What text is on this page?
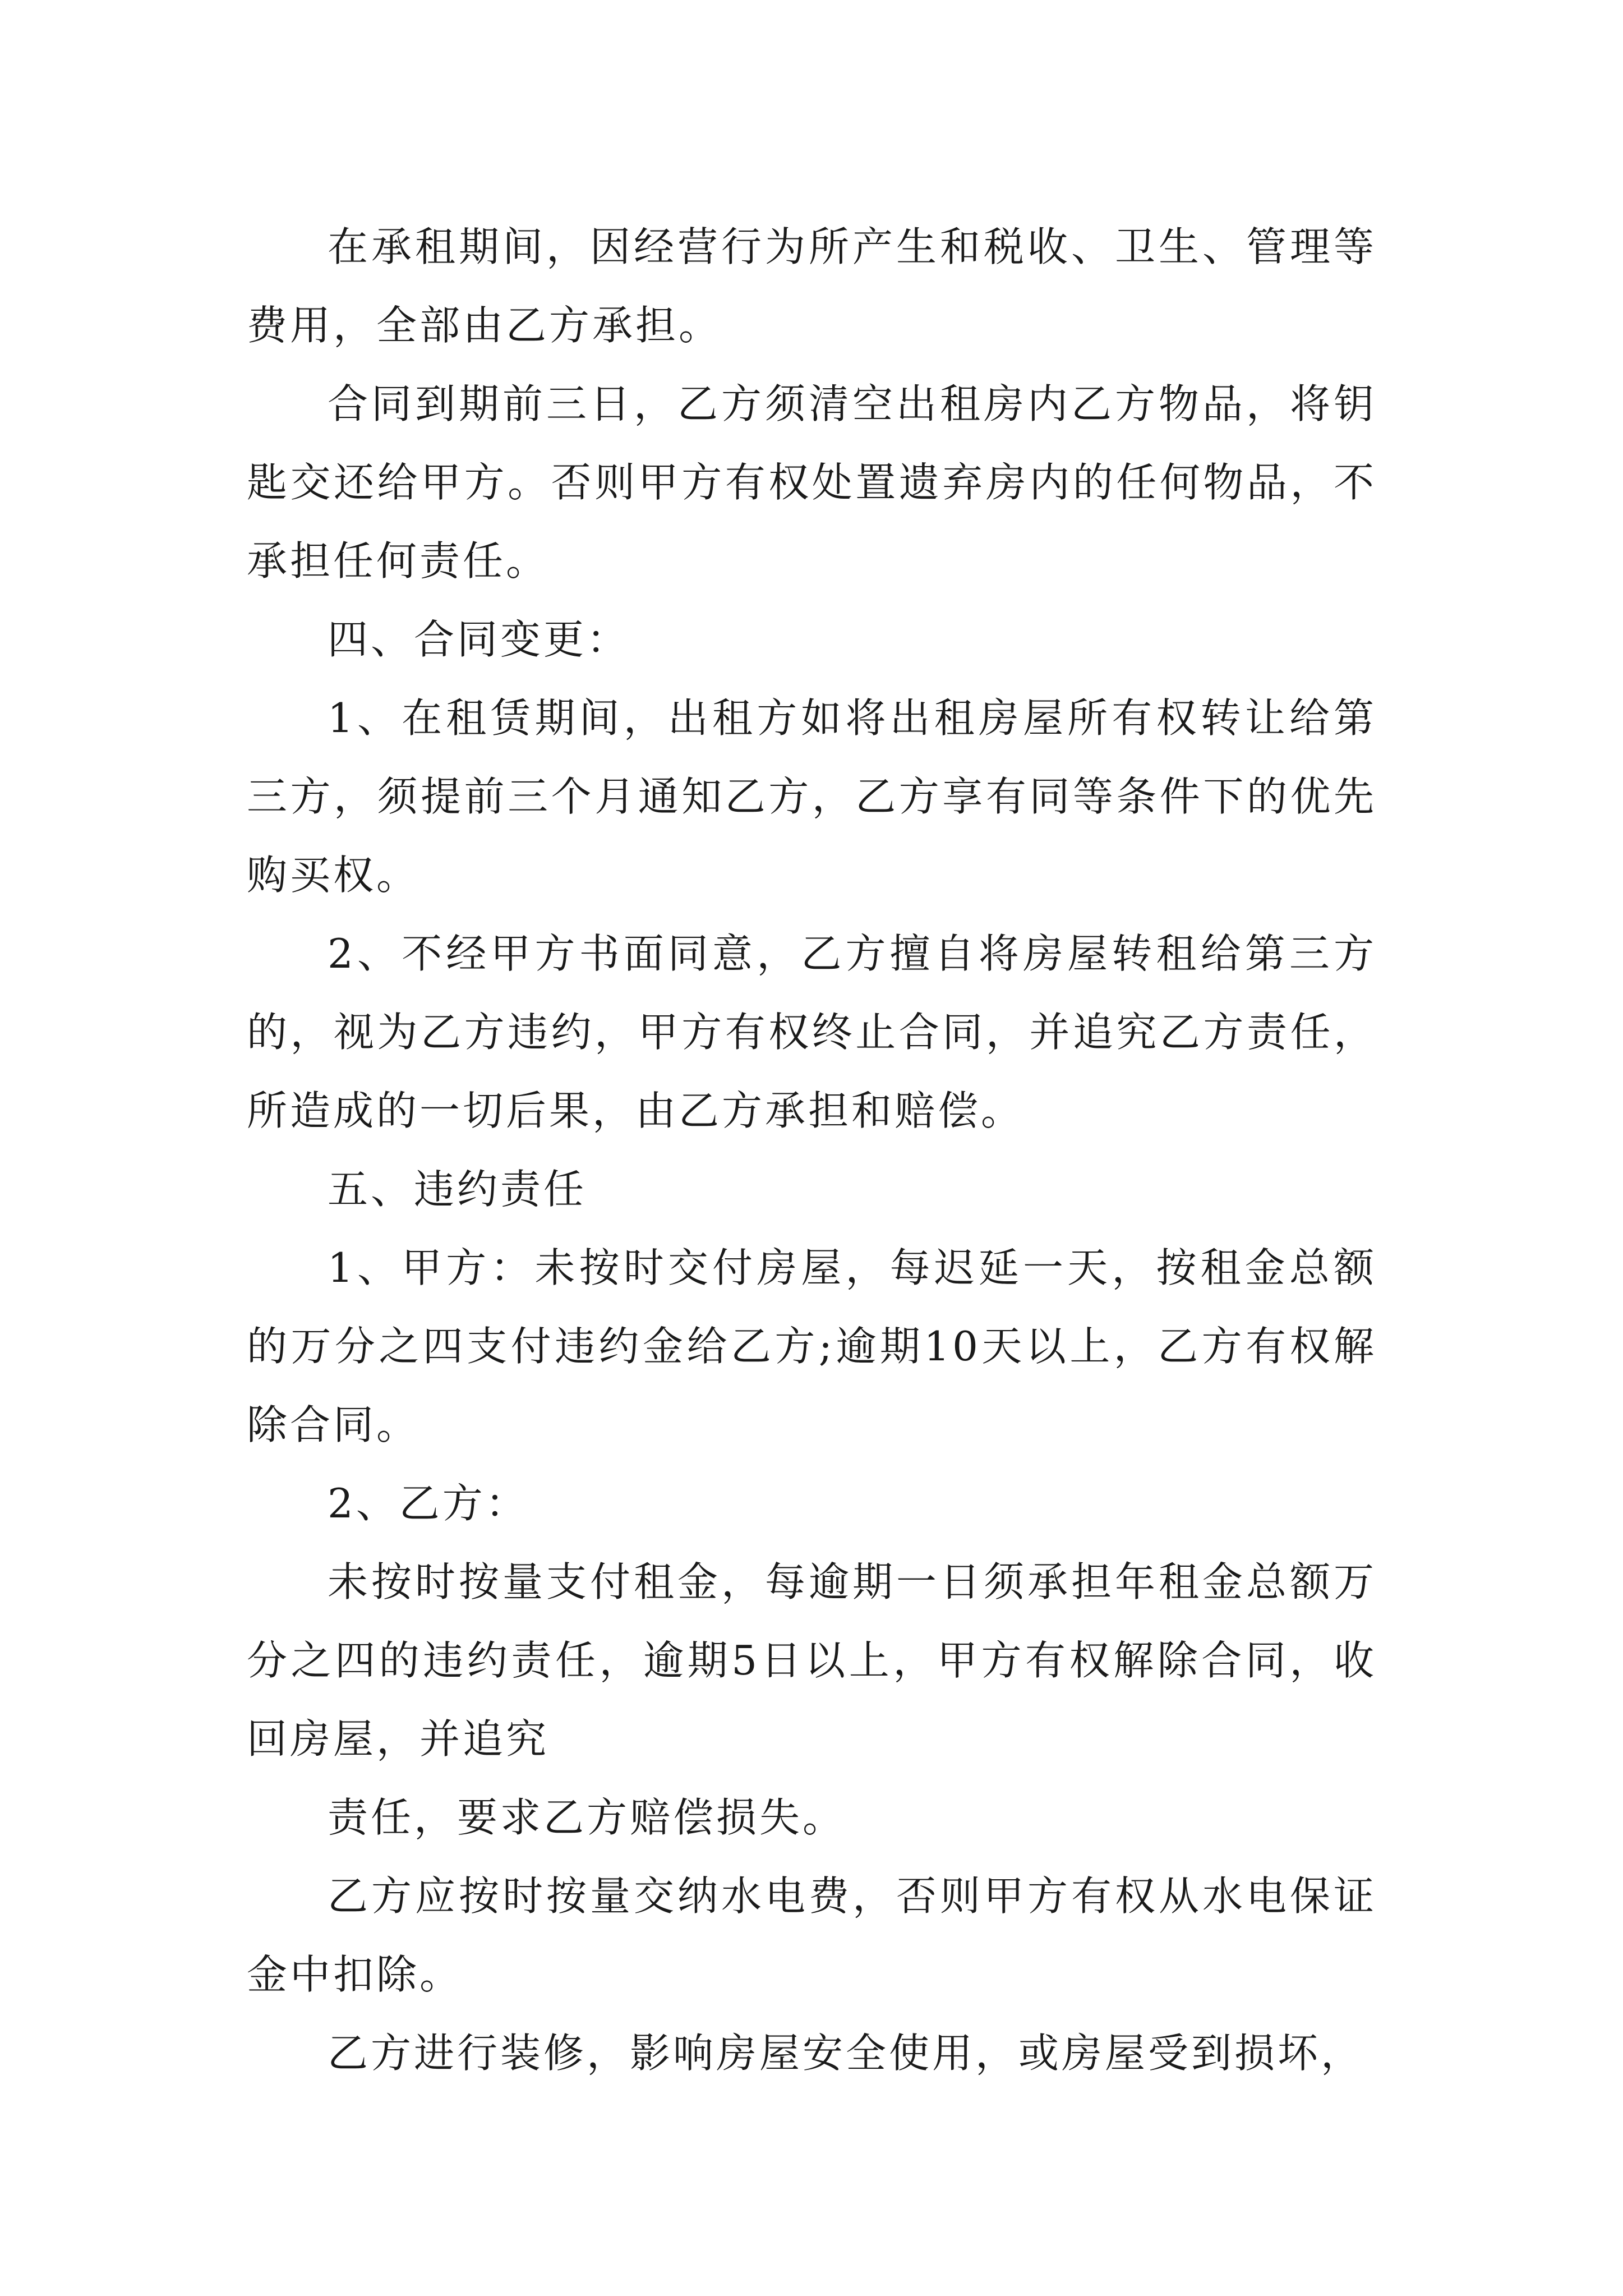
在承租期间，因经营行为所产生和税收、卫生、管理等费用，全部由乙方承担。

合同到期前三日，乙方须清空出租房内乙方物品，将钥匙交还给甲方。否则甲方有权处置遗弃房内的任何物品，不承担任何责任。

四、合同变更：

1、在租赁期间，出租方如将出租房屋所有权转让给第三方，须提前三个月通知乙方，乙方享有同等条件下的优先购买权。

2、不经甲方书面同意，乙方擅自将房屋转租给第三方的，视为乙方违约，甲方有权终止合同，并追究乙方责任，所造成的一切后果，由乙方承担和赔偿。

五、违约责任

1、甲方：未按时交付房屋，每迟延一天，按租金总额的万分之四支付违约金给乙方;逾期10天以上，乙方有权解除合同。

2、乙方：

未按时按量支付租金，每逾期一日须承担年租金总额万分之四的违约责任，逾期5日以上，甲方有权解除合同，收回房屋，并追究

责任，要求乙方赔偿损失。

乙方应按时按量交纳水电费，否则甲方有权从水电保证金中扣除。

乙方进行装修，影响房屋安全使用，或房屋受到损坏，
